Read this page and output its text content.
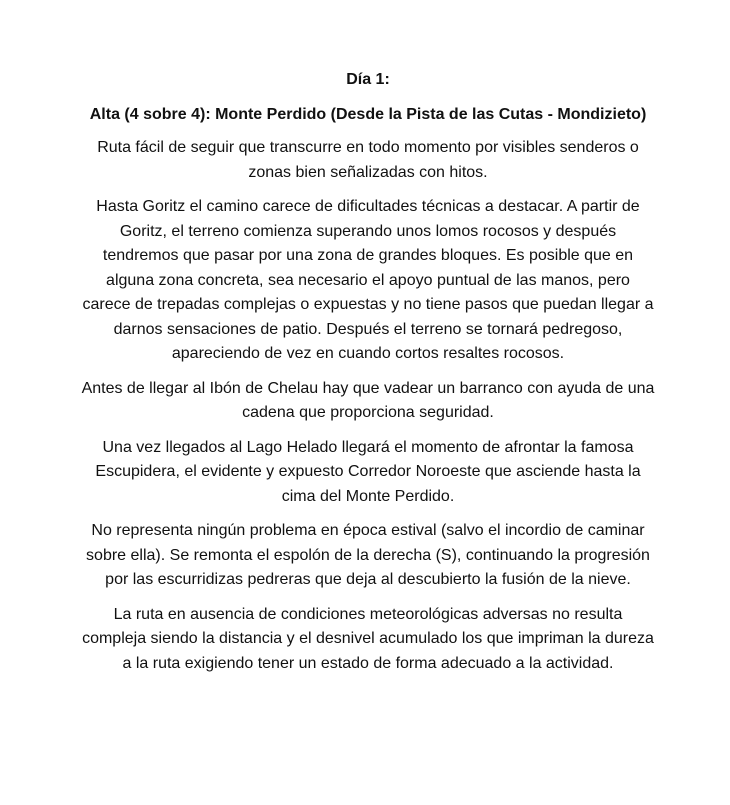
Día 1:

Alta (4 sobre 4): Monte Perdido (Desde la Pista de las Cutas - Mondizieto)

Ruta fácil de seguir que transcurre en todo momento por visibles senderos o zonas bien señalizadas con hitos.

Hasta Goritz el camino carece de dificultades técnicas a destacar. A partir de Goritz, el terreno comienza superando unos lomos rocosos y después tendremos que pasar por una zona de grandes bloques. Es posible que en alguna zona concreta, sea necesario el apoyo puntual de las manos, pero carece de trepadas complejas o expuestas y no tiene pasos que puedan llegar a darnos sensaciones de patio. Después el terreno se tornará pedregoso, apareciendo de vez en cuando cortos resaltes rocosos.

Antes de llegar al Ibón de Chelau hay que vadear un barranco con ayuda de una cadena que proporciona seguridad.

Una vez llegados al Lago Helado llegará el momento de afrontar la famosa Escupidera, el evidente y expuesto Corredor Noroeste que asciende hasta la cima del Monte Perdido.

No representa ningún problema en época estival (salvo el incordio de caminar sobre ella). Se remonta el espolón de la derecha (S), continuando la progresión por las escurridizas pedreras que deja al descubierto la fusión de la nieve.

La ruta en ausencia de condiciones meteorológicas adversas no resulta compleja siendo la distancia y el desnivel acumulado los que impriman la dureza a la ruta exigiendo tener un estado de forma adecuado a la actividad.
